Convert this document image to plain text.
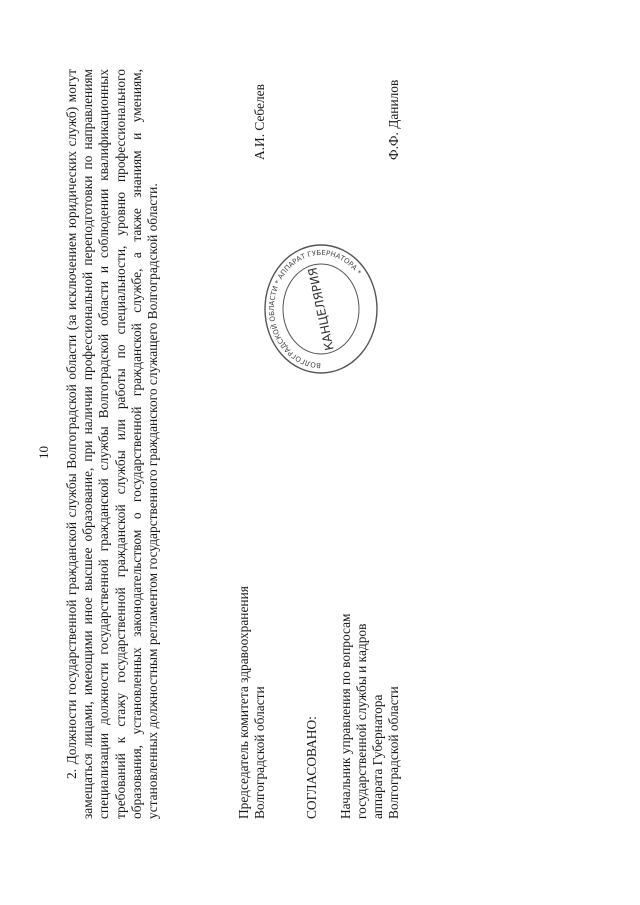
10 2. Должности государственной гражданской службы Волгоградской области (за исключением юридических служб) могут замещаться лицами, имеющими иное высшее образование, при наличии профессиональной переподготовки по направлениям специализации должности государственной гражданской службы Волгоградской области и соблюдении квалификационных требований к стажу государственной гражданской службы или работы по специальности, уровню профессионального образования, установленных законодательством о государственной гражданской службе, а также знаниям и умениям, установленных должностным регламентом государственного гражданского служащего Волгоградской области.	Председатель комитета здравоохранения Волгоградской области
А.И. Себелев
СОГЛАСОВАНО: Начальник управления по вопросам государственной службы и кадров аппарата Губернатора Волгоградской области
Ф.Ф. Данилов
ВОЛГОГРАДСКОЙ ОБЛАСТИ * АППАРАТ ГУБЕРНАТОРА *
КАНЦЕЛЯРИЯ
